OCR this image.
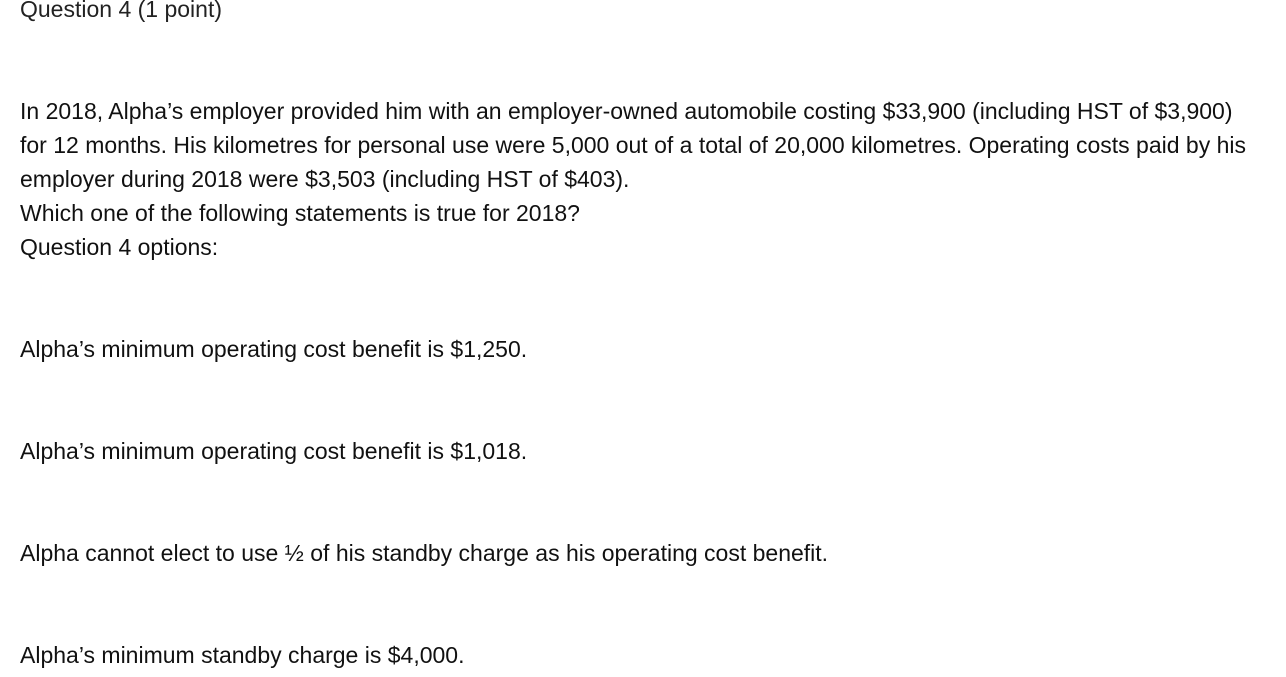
Question 4 (1 point)

In 2018, Alpha’s employer provided him with an employer-owned automobile costing $33,900 (including HST of $3,900) for 12 months. His kilometres for personal use were 5,000 out of a total of 20,000 kilometres. Operating costs paid by his employer during 2018 were $3,503 (including HST of $403).

Which one of the following statements is true for 2018?

Question 4 options:

Alpha’s minimum operating cost benefit is $1,250.
Alpha’s minimum operating cost benefit is $1,018.
Alpha cannot elect to use ½ of his standby charge as his operating cost benefit.
Alpha’s minimum standby charge is $4,000.
